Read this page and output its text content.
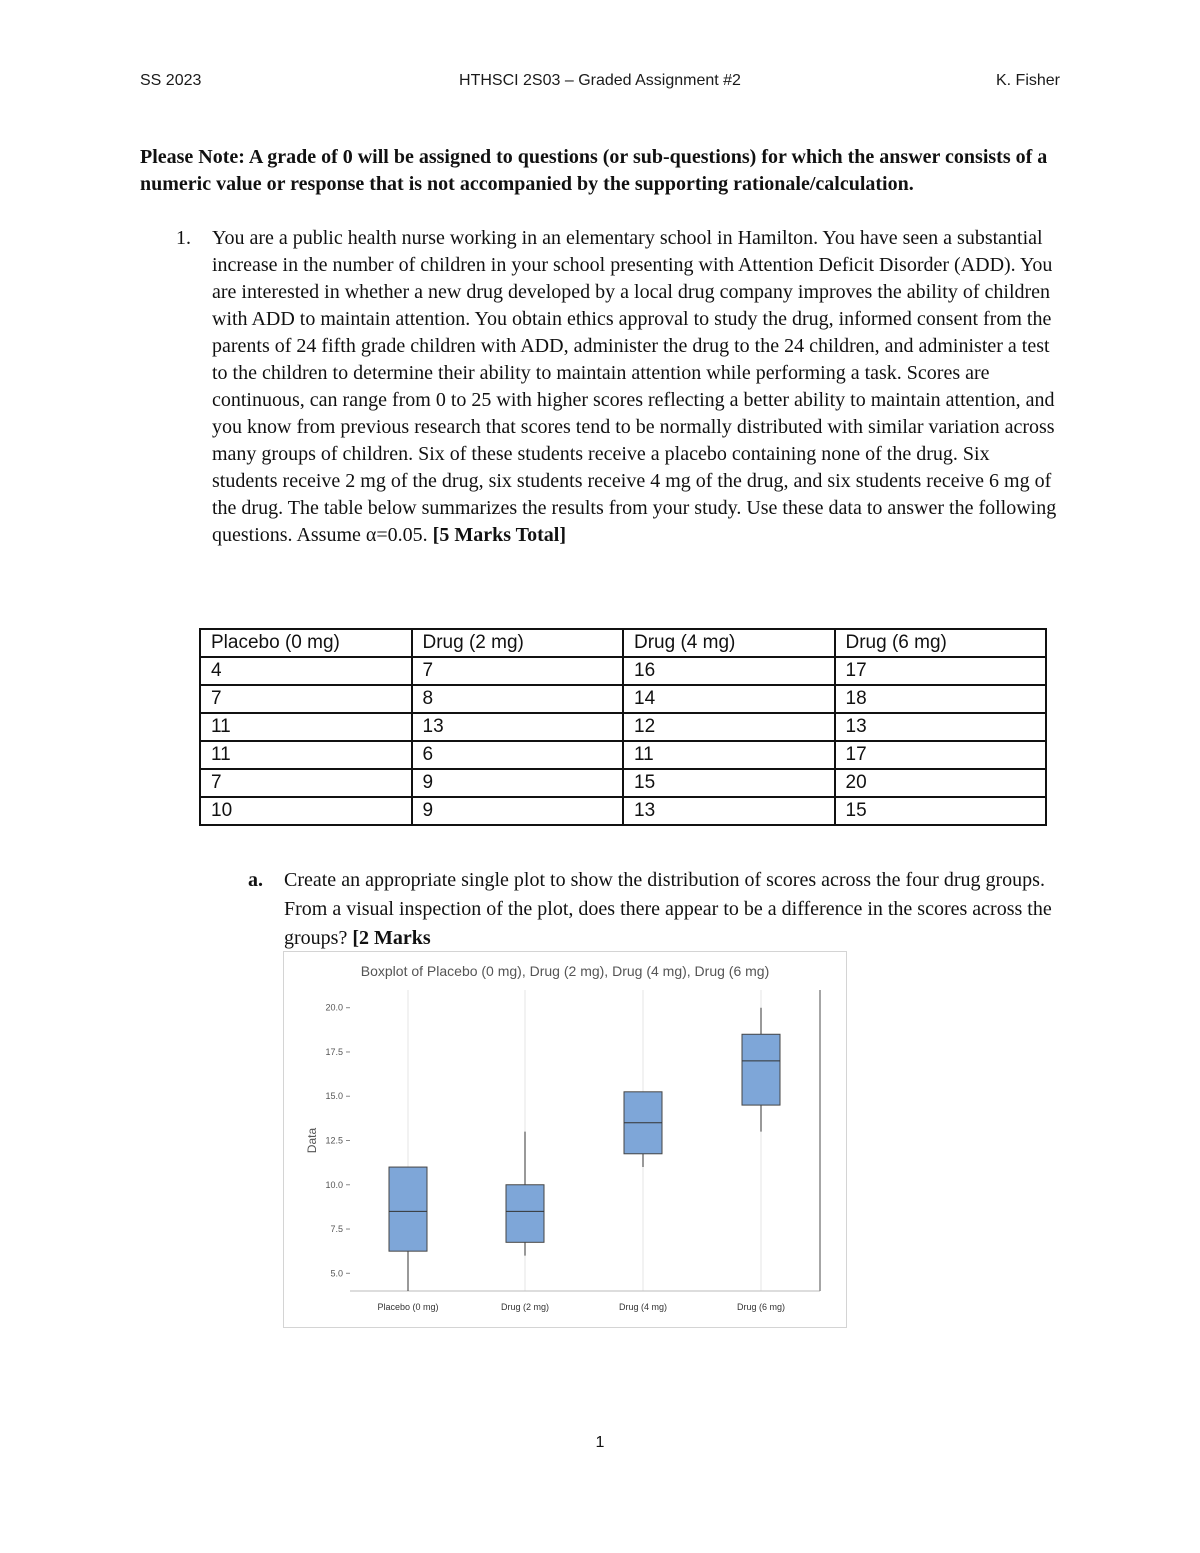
SS 2023	HTHSCI 2S03 – Graded Assignment #2	K. Fisher
Please Note: A grade of 0 will be assigned to questions (or sub-questions) for which the answer consists of a numeric value or response that is not accompanied by the supporting rationale/calculation.
1. You are a public health nurse working in an elementary school in Hamilton. You have seen a substantial increase in the number of children in your school presenting with Attention Deficit Disorder (ADD). You are interested in whether a new drug developed by a local drug company improves the ability of children with ADD to maintain attention. You obtain ethics approval to study the drug, informed consent from the parents of 24 fifth grade children with ADD, administer the drug to the 24 children, and administer a test to the children to determine their ability to maintain attention while performing a task. Scores are continuous, can range from 0 to 25 with higher scores reflecting a better ability to maintain attention, and you know from previous research that scores tend to be normally distributed with similar variation across many groups of children. Six of these students receive a placebo containing none of the drug. Six students receive 2 mg of the drug, six students receive 4 mg of the drug, and six students receive 6 mg of the drug. The table below summarizes the results from your study. Use these data to answer the following questions. Assume α=0.05. [5 Marks Total]
Placebo (0 mg)	Drug (2 mg)	Drug (4 mg)	Drug (6 mg)
4	7	16	17
7	8	14	18
11	13	12	13
11	6	11	17
7	9	15	20
10	9	13	15
a. Create an appropriate single plot to show the distribution of scores across the four drug groups. From a visual inspection of the plot, does there appear to be a difference in the scores across the groups? [2 Marks
Boxplot of Placebo (0 mg), Drug (2 mg), Drug (4 mg), Drug (6 mg)
5.0
7.5
10.0
12.5
15.0
17.5
20.0
Data
Placebo (0 mg)	Drug (2 mg)	Drug (4 mg)	Drug (6 mg)
1
